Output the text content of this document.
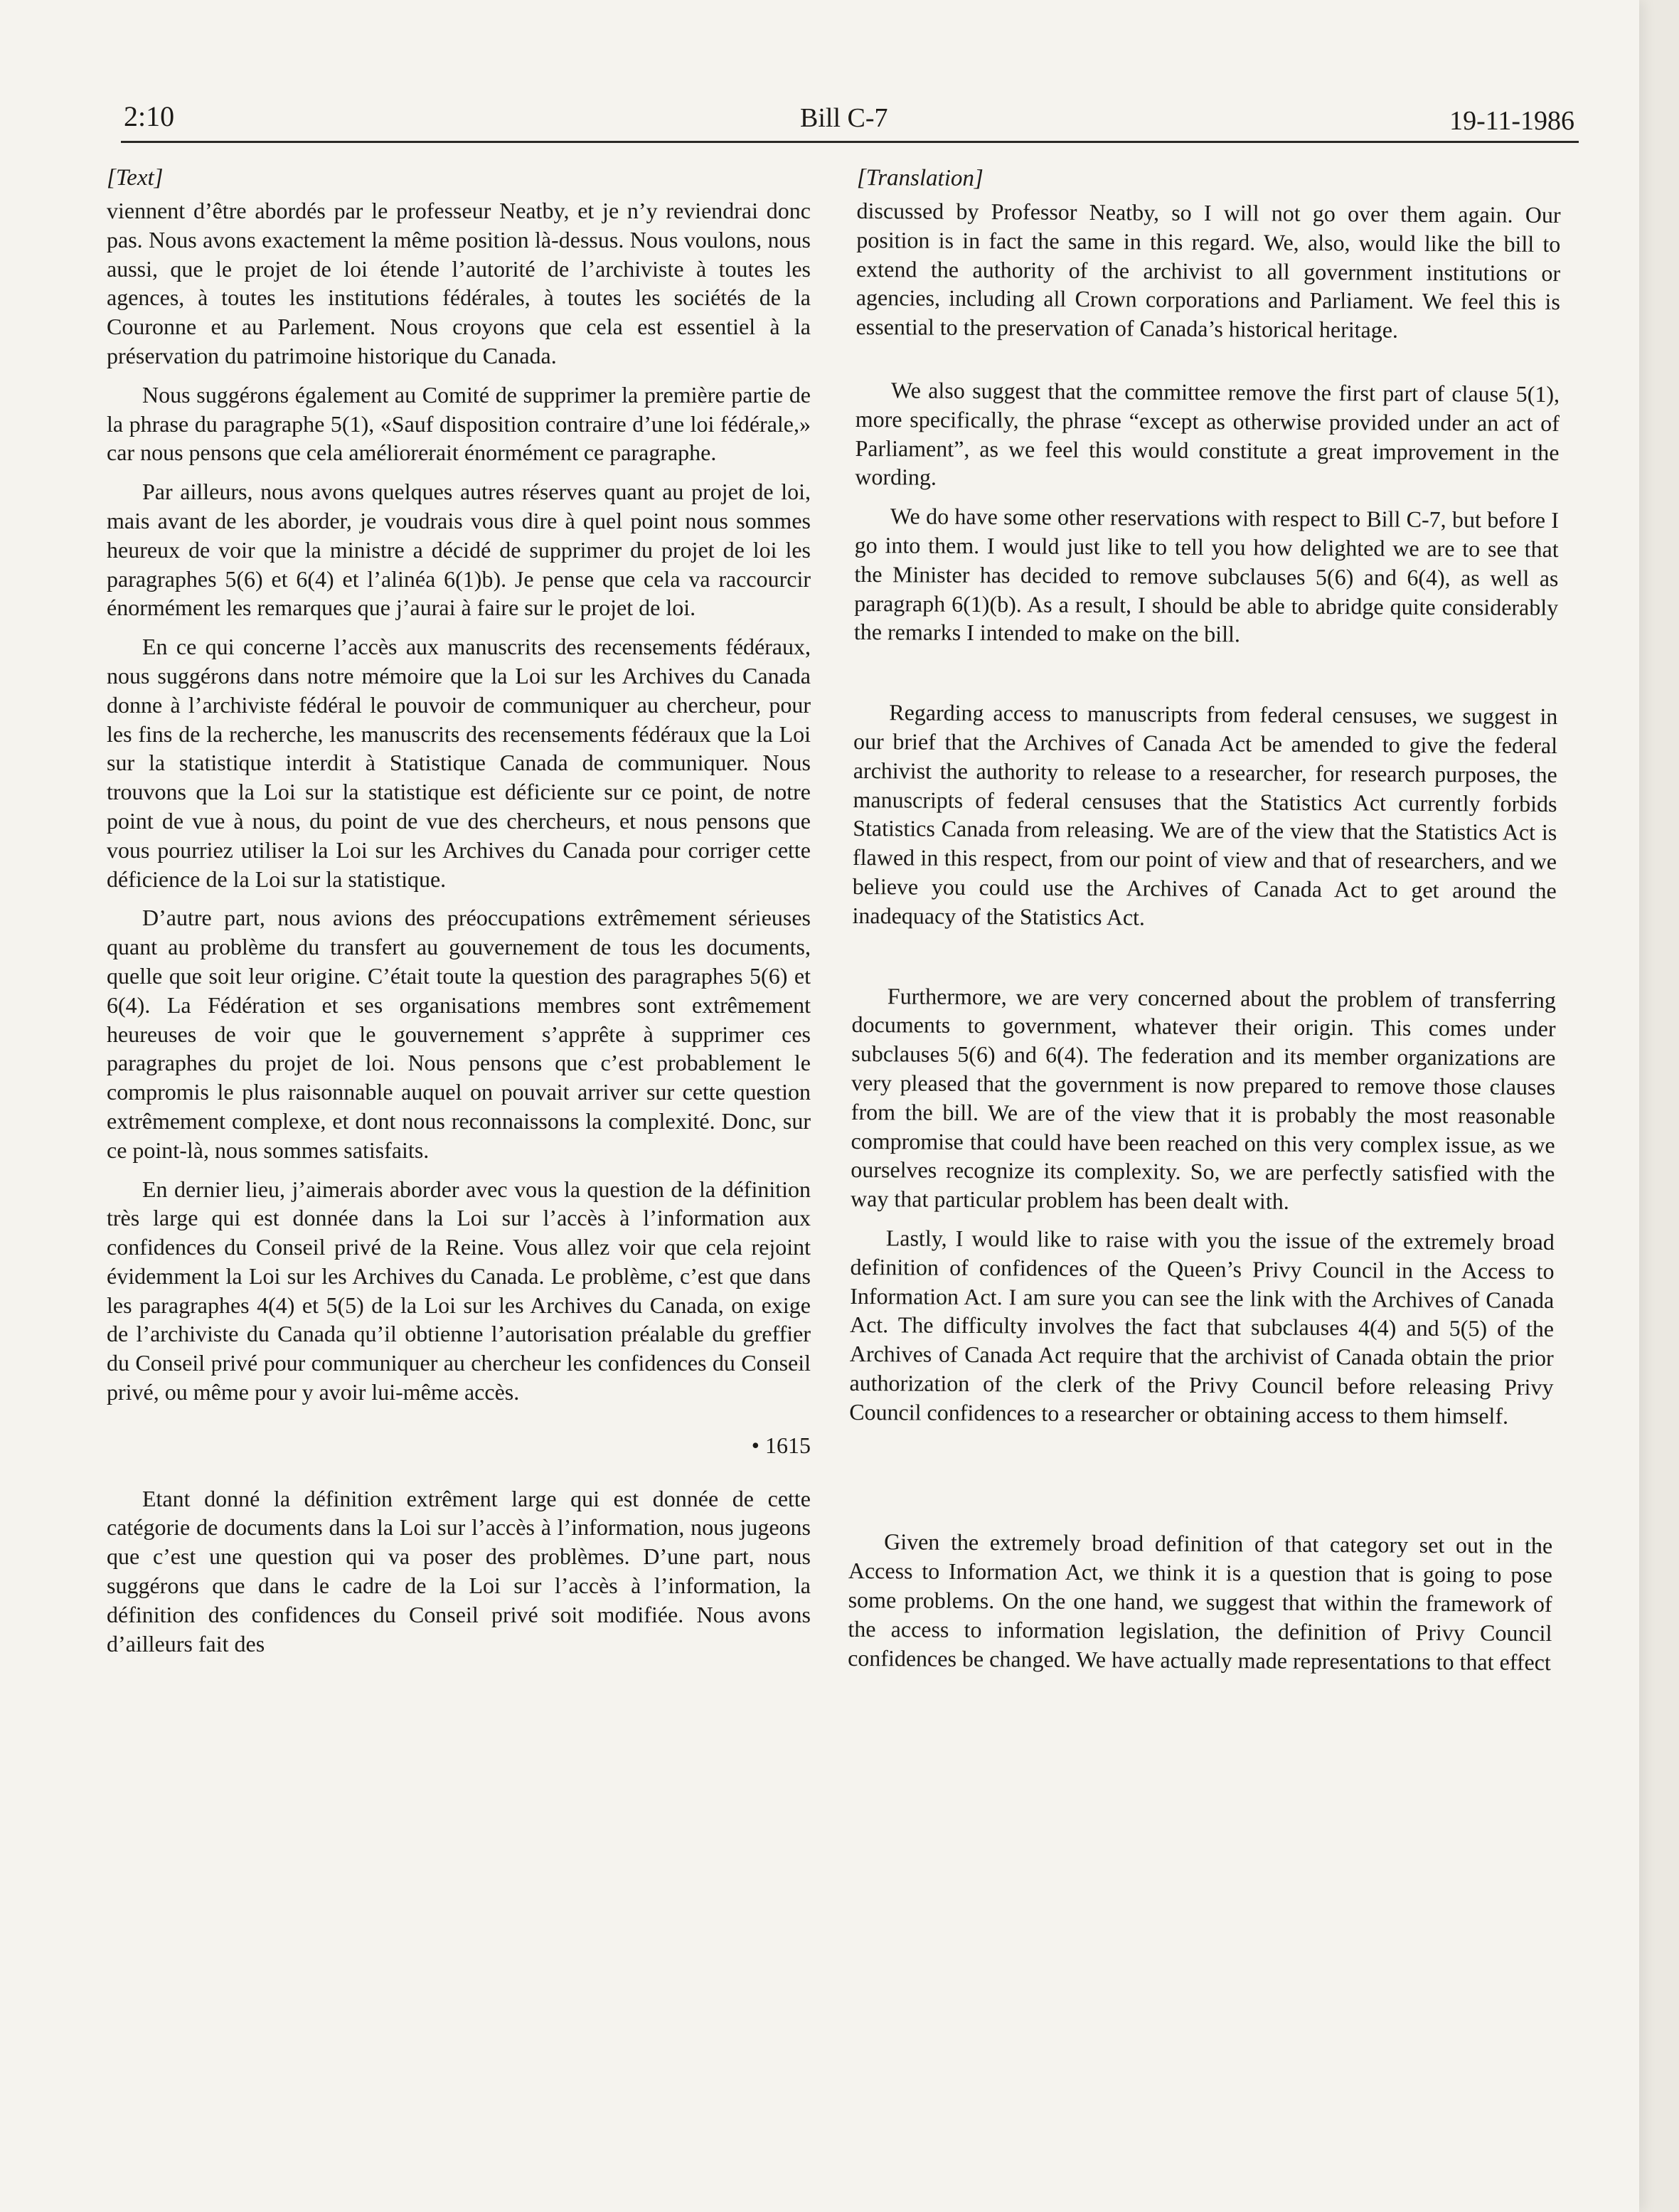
2:10	Bill C-7	19-11-1986
[Text]

viennent d’être abordés par le professeur Neatby, et je n’y reviendrai donc pas. Nous avons exactement la même position là-dessus. Nous voulons, nous aussi, que le projet de loi étende l’autorité de l’archiviste à toutes les agences, à toutes les institutions fédérales, à toutes les sociétés de la Couronne et au Parlement. Nous croyons que cela est essentiel à la préservation du patrimoine historique du Canada.

Nous suggérons également au Comité de supprimer la première partie de la phrase du paragraphe 5(1), «Sauf disposition contraire d’une loi fédérale,» car nous pensons que cela améliorerait énormément ce paragraphe.

Par ailleurs, nous avons quelques autres réserves quant au projet de loi, mais avant de les aborder, je voudrais vous dire à quel point nous sommes heureux de voir que la ministre a décidé de supprimer du projet de loi les paragraphes 5(6) et 6(4) et l’alinéa 6(1)b). Je pense que cela va raccourcir énormément les remarques que j’aurai à faire sur le projet de loi.

En ce qui concerne l’accès aux manuscrits des recensements fédéraux, nous suggérons dans notre mémoire que la Loi sur les Archives du Canada donne à l’archiviste fédéral le pouvoir de communiquer au chercheur, pour les fins de la recherche, les manuscrits des recensements fédéraux que la Loi sur la statistique interdit à Statistique Canada de communiquer. Nous trouvons que la Loi sur la statistique est déficiente sur ce point, de notre point de vue à nous, du point de vue des chercheurs, et nous pensons que vous pourriez utiliser la Loi sur les Archives du Canada pour corriger cette déficience de la Loi sur la statistique.

D’autre part, nous avions des préoccupations extrêmement sérieuses quant au problème du transfert au gouvernement de tous les documents, quelle que soit leur origine. C’était toute la question des paragraphes 5(6) et 6(4). La Fédération et ses organisations membres sont extrêmement heureuses de voir que le gouvernement s’apprête à supprimer ces paragraphes du projet de loi. Nous pensons que c’est probablement le compromis le plus raisonnable auquel on pouvait arriver sur cette question extrêmement complexe, et dont nous reconnaissons la complexité. Donc, sur ce point-là, nous sommes satisfaits.

En dernier lieu, j’aimerais aborder avec vous la question de la définition très large qui est donnée dans la Loi sur l’accès à l’information aux confidences du Conseil privé de la Reine. Vous allez voir que cela rejoint évidemment la Loi sur les Archives du Canada. Le problème, c’est que dans les paragraphes 4(4) et 5(5) de la Loi sur les Archives du Canada, on exige de l’archiviste du Canada qu’il obtienne l’autorisation préalable du greffier du Conseil privé pour communiquer au chercheur les confidences du Conseil privé, ou même pour y avoir lui-même accès.

• 1615

Etant donné la définition extrêment large qui est donnée de cette catégorie de documents dans la Loi sur l’accès à l’information, nous jugeons que c’est une question qui va poser des problèmes. D’une part, nous suggérons que dans le cadre de la Loi sur l’accès à l’information, la définition des confidences du Conseil privé soit modifiée. Nous avons d’ailleurs fait des

[Translation]

discussed by Professor Neatby, so I will not go over them again. Our position is in fact the same in this regard. We, also, would like the bill to extend the authority of the archivist to all government institutions or agencies, including all Crown corporations and Parliament. We feel this is essential to the preservation of Canada’s historical heritage.

We also suggest that the committee remove the first part of clause 5(1), more specifically, the phrase “except as otherwise provided under an act of Parliament”, as we feel this would constitute a great improvement in the wording.

We do have some other reservations with respect to Bill C-7, but before I go into them. I would just like to tell you how delighted we are to see that the Minister has decided to remove subclauses 5(6) and 6(4), as well as paragraph 6(1)(b). As a result, I should be able to abridge quite considerably the remarks I intended to make on the bill.

Regarding access to manuscripts from federal censuses, we suggest in our brief that the Archives of Canada Act be amended to give the federal archivist the authority to release to a researcher, for research purposes, the manuscripts of federal censuses that the Statistics Act currently forbids Statistics Canada from releasing. We are of the view that the Statistics Act is flawed in this respect, from our point of view and that of researchers, and we believe you could use the Archives of Canada Act to get around the inadequacy of the Statistics Act.

Furthermore, we are very concerned about the problem of transferring documents to government, whatever their origin. This comes under subclauses 5(6) and 6(4). The federation and its member organizations are very pleased that the government is now prepared to remove those clauses from the bill. We are of the view that it is probably the most reasonable compromise that could have been reached on this very complex issue, as we ourselves recognize its complexity. So, we are perfectly satisfied with the way that particular problem has been dealt with.

Lastly, I would like to raise with you the issue of the extremely broad definition of confidences of the Queen’s Privy Council in the Access to Information Act. I am sure you can see the link with the Archives of Canada Act. The difficulty involves the fact that subclauses 4(4) and 5(5) of the Archives of Canada Act require that the archivist of Canada obtain the prior authorization of the clerk of the Privy Council before releasing Privy Council confidences to a researcher or obtaining access to them himself.

Given the extremely broad definition of that category set out in the Access to Information Act, we think it is a question that is going to pose some problems. On the one hand, we suggest that within the framework of the access to information legislation, the definition of Privy Council confidences be changed. We have actually made representations to that effect
